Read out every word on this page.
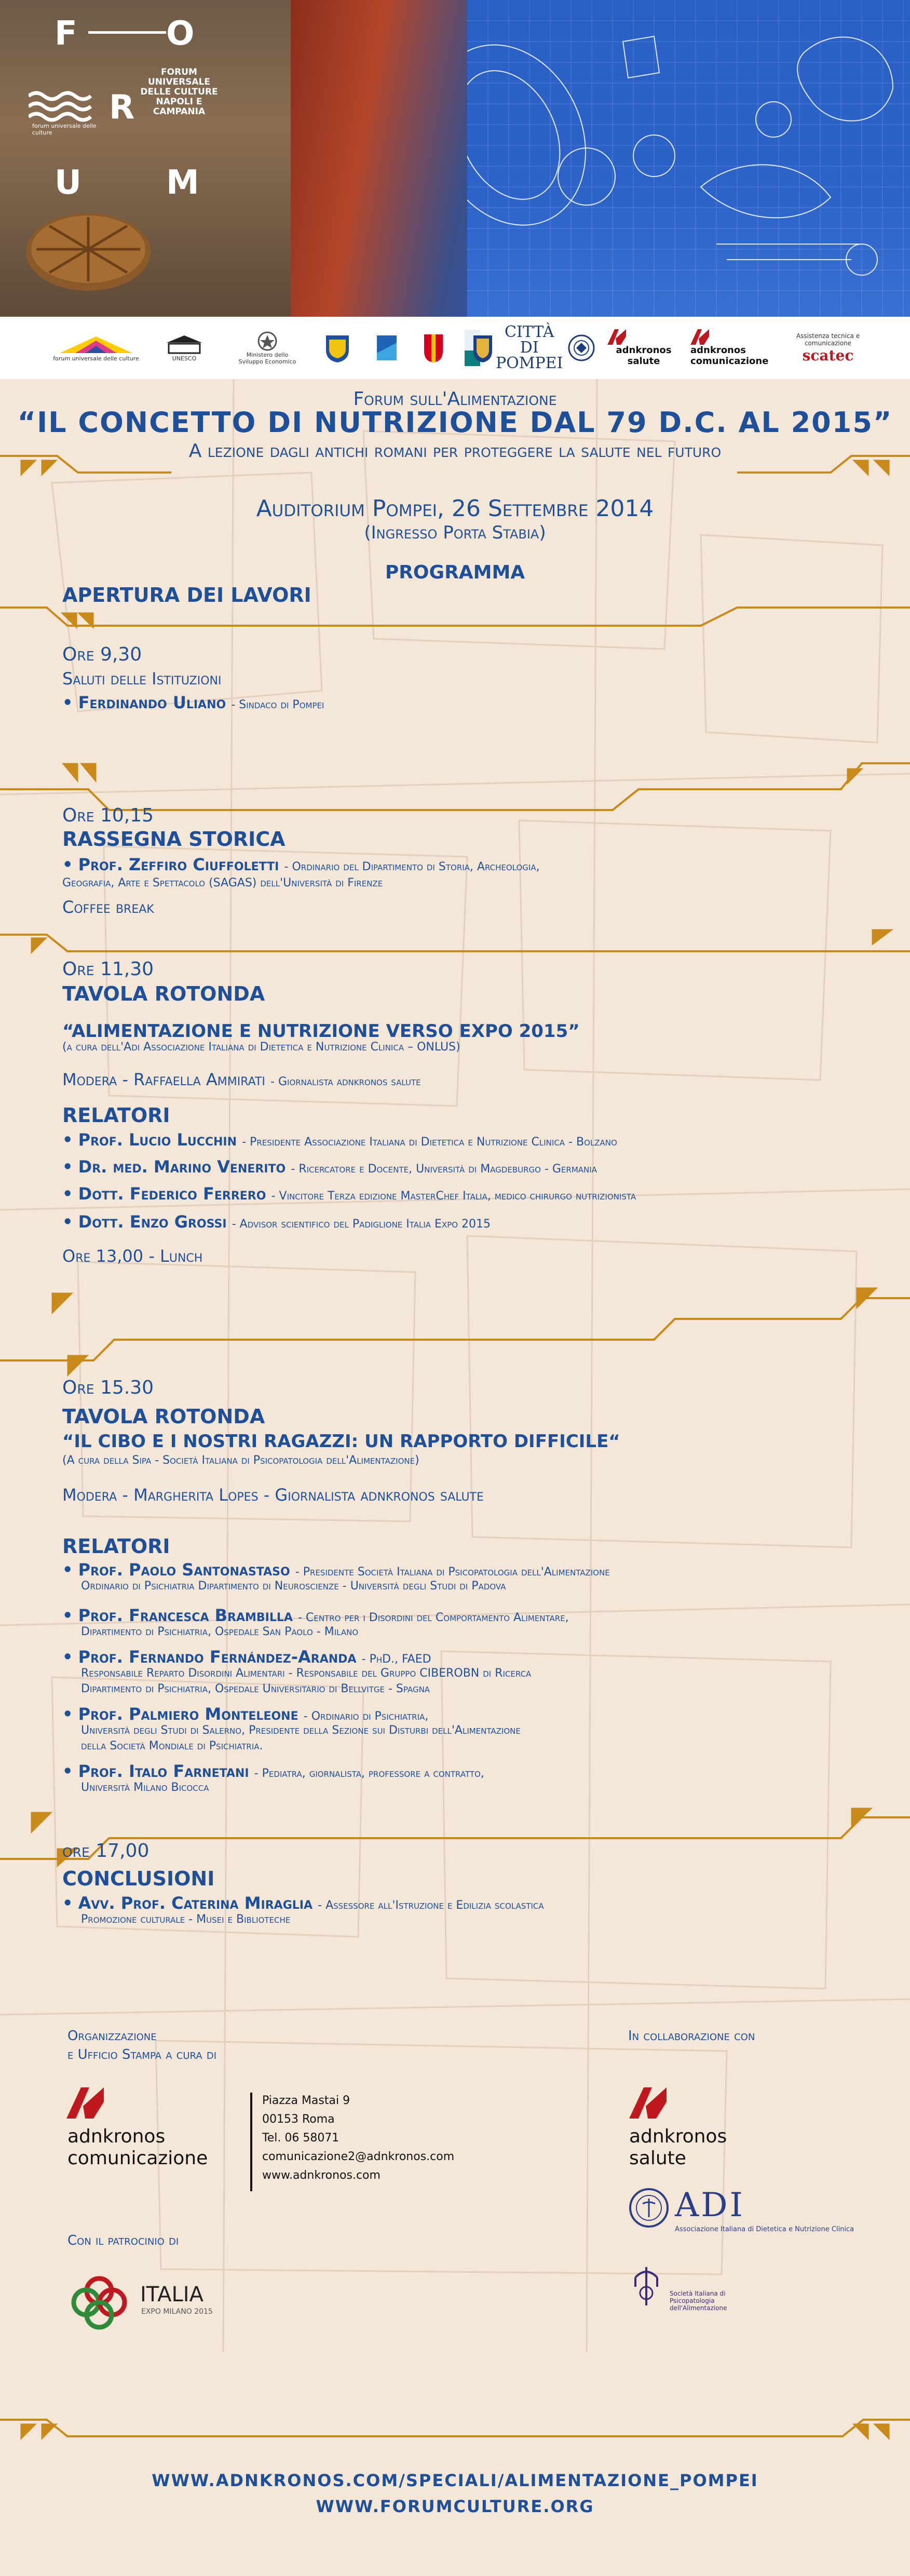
F	O
R
U	M
FORUM UNIVERSALE DELLE CULTURE NAPOLI E CAMPANIA
forum universale delle culture
forum universale delle culture	UNESCO	Ministero dello Sviluppo Economico
CITTÀ DI POMPEI
adnkronos salute
adnkronos comunicazione
Assistenza tecnica e comunicazione
scatec
Forum sull'Alimentazione
“IL CONCETTO DI NUTRIZIONE DAL 79 D.C. AL 2015”
A lezione dagli antichi romani per proteggere la salute nel futuro
Auditorium Pompei, 26 Settembre 2014
(Ingresso Porta Stabia)
PROGRAMMA
APERTURA DEI LAVORI
Ore 9,30
Saluti delle Istituzioni
• Ferdinando Uliano - Sindaco di Pompei
Ore 10,15
RASSEGNA STORICA
• Prof. Zeffiro Ciuffoletti - Ordinario del Dipartimento di Storia, Archeologia,
Geografia, Arte e Spettacolo (SAGAS) dell'Università di Firenze
Coffee break
Ore 11,30
TAVOLA ROTONDA
“ALIMENTAZIONE E NUTRIZIONE VERSO EXPO 2015”
(a cura dell'Adi Associazione Italiana di Dietetica e Nutrizione Clinica – ONLUS)
Modera - Raffaella Ammirati - Giornalista adnkronos salute
RELATORI
• Prof. Lucio Lucchin - Presidente Associazione Italiana di Dietetica e Nutrizione Clinica - Bolzano
• Dr. med. Marino Venerito - Ricercatore e Docente, Università di Magdeburgo - Germania
• Dott. Federico Ferrero - Vincitore Terza edizione MasterChef Italia, medico chirurgo nutrizionista
• Dott. Enzo Grossi - Advisor scientifico del Padiglione Italia Expo 2015
Ore 13,00 - Lunch
Ore 15.30
TAVOLA ROTONDA
“IL CIBO E I NOSTRI RAGAZZI: UN RAPPORTO DIFFICILE“
(A cura della Sipa - Società Italiana di Psicopatologia dell'Alimentazione)
Modera - Margherita Lopes - Giornalista adnkronos salute
RELATORI
• Prof. Paolo Santonastaso - Presidente Società Italiana di Psicopatologia dell'Alimentazione
Ordinario di Psichiatria Dipartimento di Neuroscienze - Università degli Studi di Padova
• Prof. Francesca Brambilla - Centro per i Disordini del Comportamento Alimentare,
Dipartimento di Psichiatria, Ospedale San Paolo - Milano
• Prof. Fernando Fernández-Aranda - PhD., FAED
Responsabile Reparto Disordini Alimentari - Responsabile del Gruppo CIBEROBN di Ricerca
Dipartimento di Psichiatria, Ospedale Universitario di Bellvitge - Spagna
• Prof. Palmiero Monteleone - Ordinario di Psichiatria,
Università degli Studi di Salerno, Presidente della Sezione sui Disturbi dell'Alimentazione
della Società Mondiale di Psichiatria.
• Prof. Italo Farnetani - Pediatra, giornalista, professore a contratto,
Università Milano Bicocca
ore 17,00
CONCLUSIONI
• Avv. Prof. Caterina Miraglia - Assessore all'Istruzione e Edilizia scolastica
Promozione culturale - Musei e Biblioteche
Organizzazione
e Ufficio Stampa a cura di
adnkronos
comunicazione
Piazza Mastai 9
00153 Roma
Tel. 06 58071
comunicazione2@adnkronos.com
www.adnkronos.com
In collaborazione con
adnkronos
salute
ADI
Associazione Italiana di Dietetica e Nutrizione Clinica
Società Italiana di Psicopatologia dell'Alimentazione
Con il patrocinio di
ITALIA
EXPO MILANO 2015
WWW.ADNKRONOS.COM/SPECIALI/ALIMENTAZIONE_POMPEI
WWW.FORUMCULTURE.ORG
